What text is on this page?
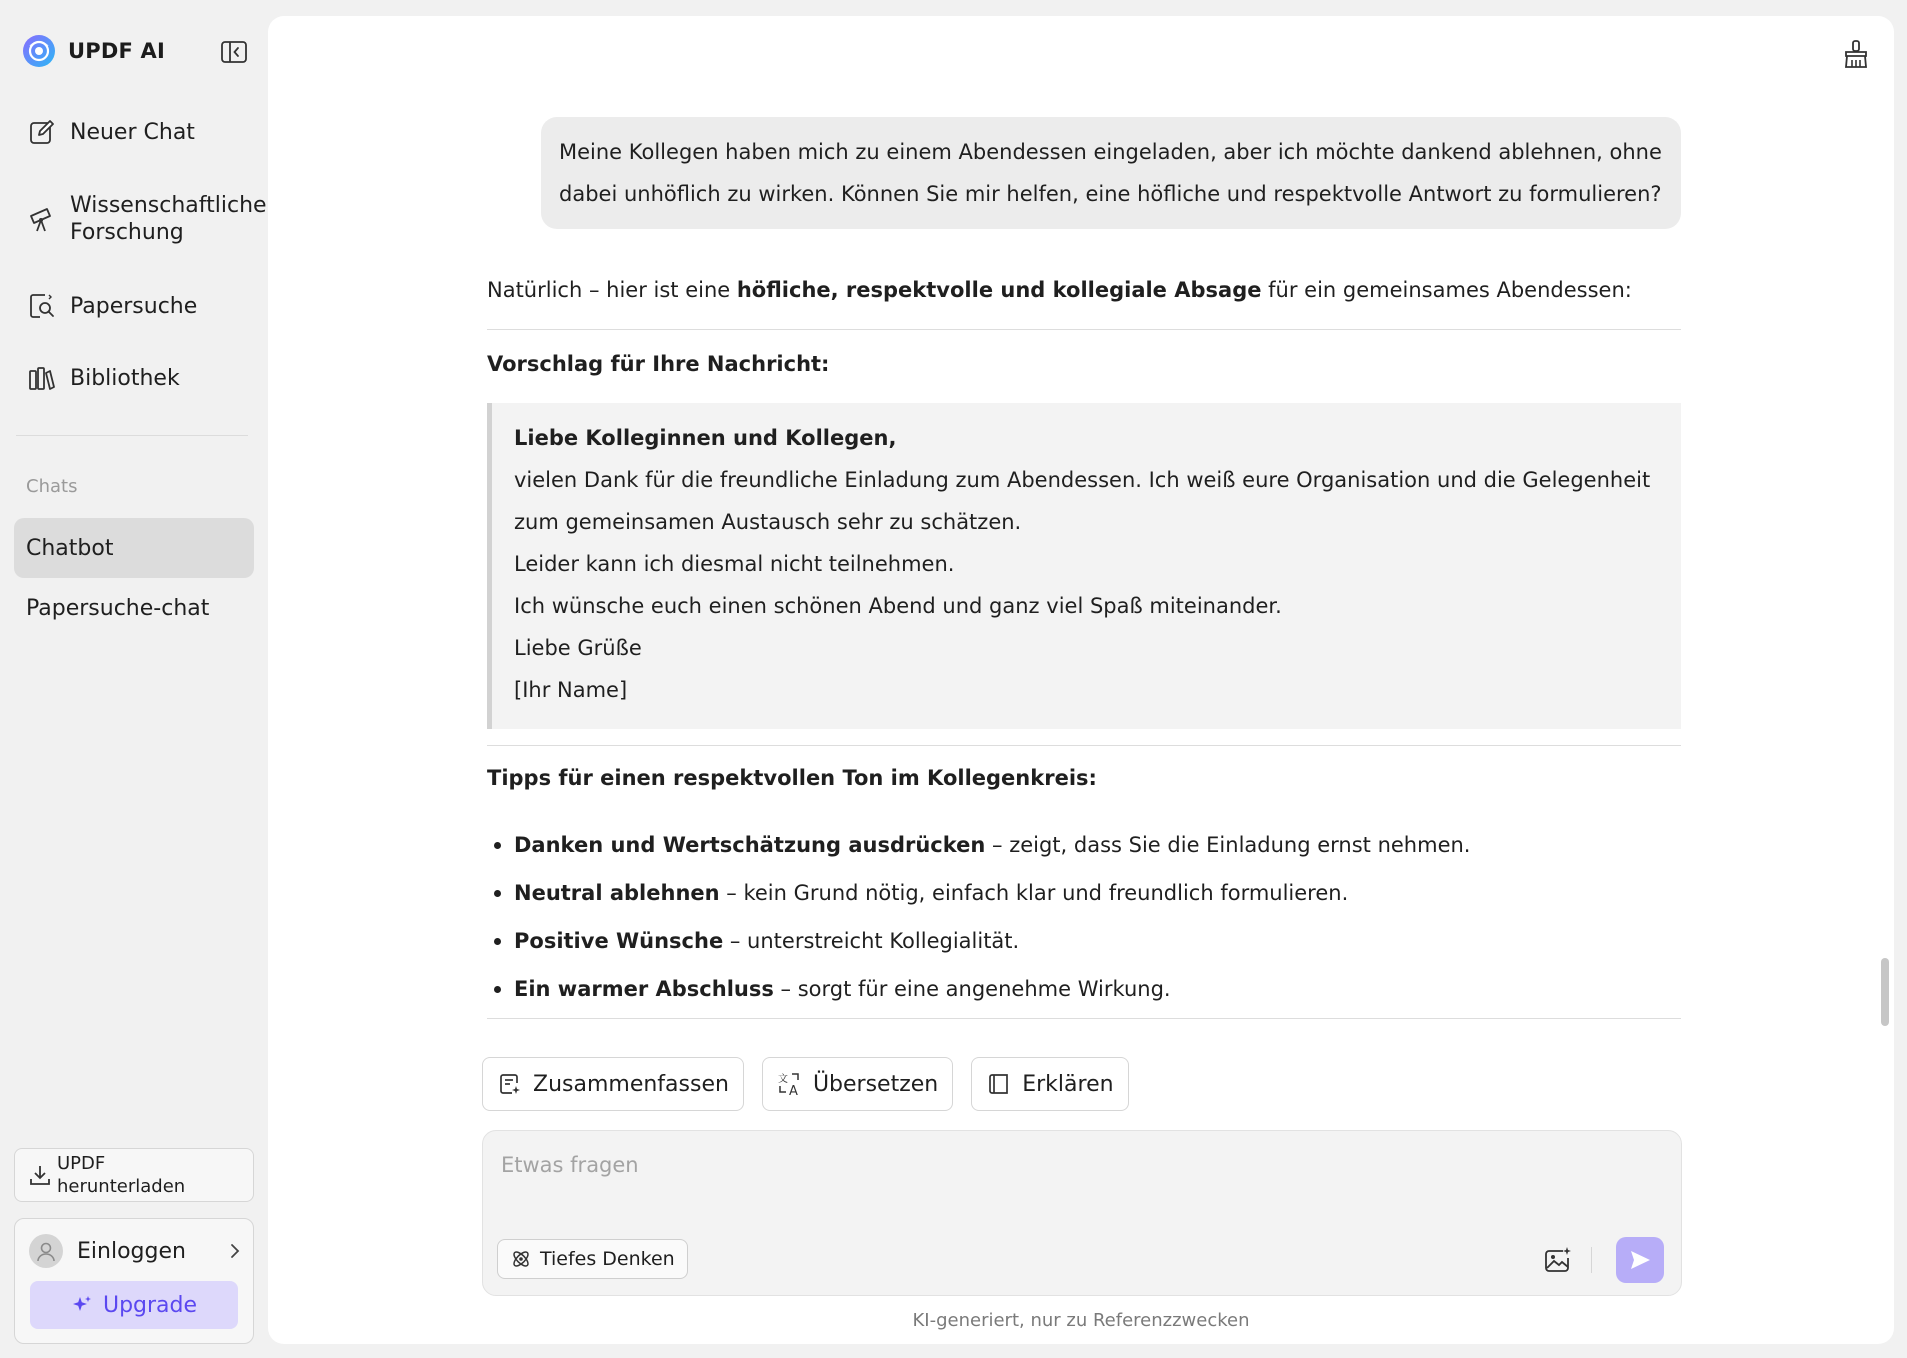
UPDF AI
Neuer Chat
Wissenschaftliche Forschung
Papersuche
Bibliothek
Chats
Chatbot
Papersuche-chat
UPDF herunterladen
Einloggen
Upgrade
Meine Kollegen haben mich zu einem Abendessen eingeladen, aber ich möchte dankend ablehnen, ohne dabei unhöflich zu wirken. Können Sie mir helfen, eine höfliche und respektvolle Antwort zu formulieren?
Natürlich – hier ist eine höfliche, respektvolle und kollegiale Absage für ein gemeinsames Abendessen:
Vorschlag für Ihre Nachricht:
Liebe Kolleginnen und Kollegen,
vielen Dank für die freundliche Einladung zum Abendessen. Ich weiß eure Organisation und die Gelegenheit zum gemeinsamen Austausch sehr zu schätzen.
Leider kann ich diesmal nicht teilnehmen.
Ich wünsche euch einen schönen Abend und ganz viel Spaß miteinander.
Liebe Grüße
[Ihr Name]
Tipps für einen respektvollen Ton im Kollegenkreis:
Danken und Wertschätzung ausdrücken – zeigt, dass Sie die Einladung ernst nehmen.
Neutral ablehnen – kein Grund nötig, einfach klar und freundlich formulieren.
Positive Wünsche – unterstreicht Kollegialität.
Ein warmer Abschluss – sorgt für eine angenehme Wirkung.
Zusammenfassen	文
A Übersetzen	Erklären
Etwas fragen
Tiefes Denken
KI-generiert, nur zu Referenzzwecken
